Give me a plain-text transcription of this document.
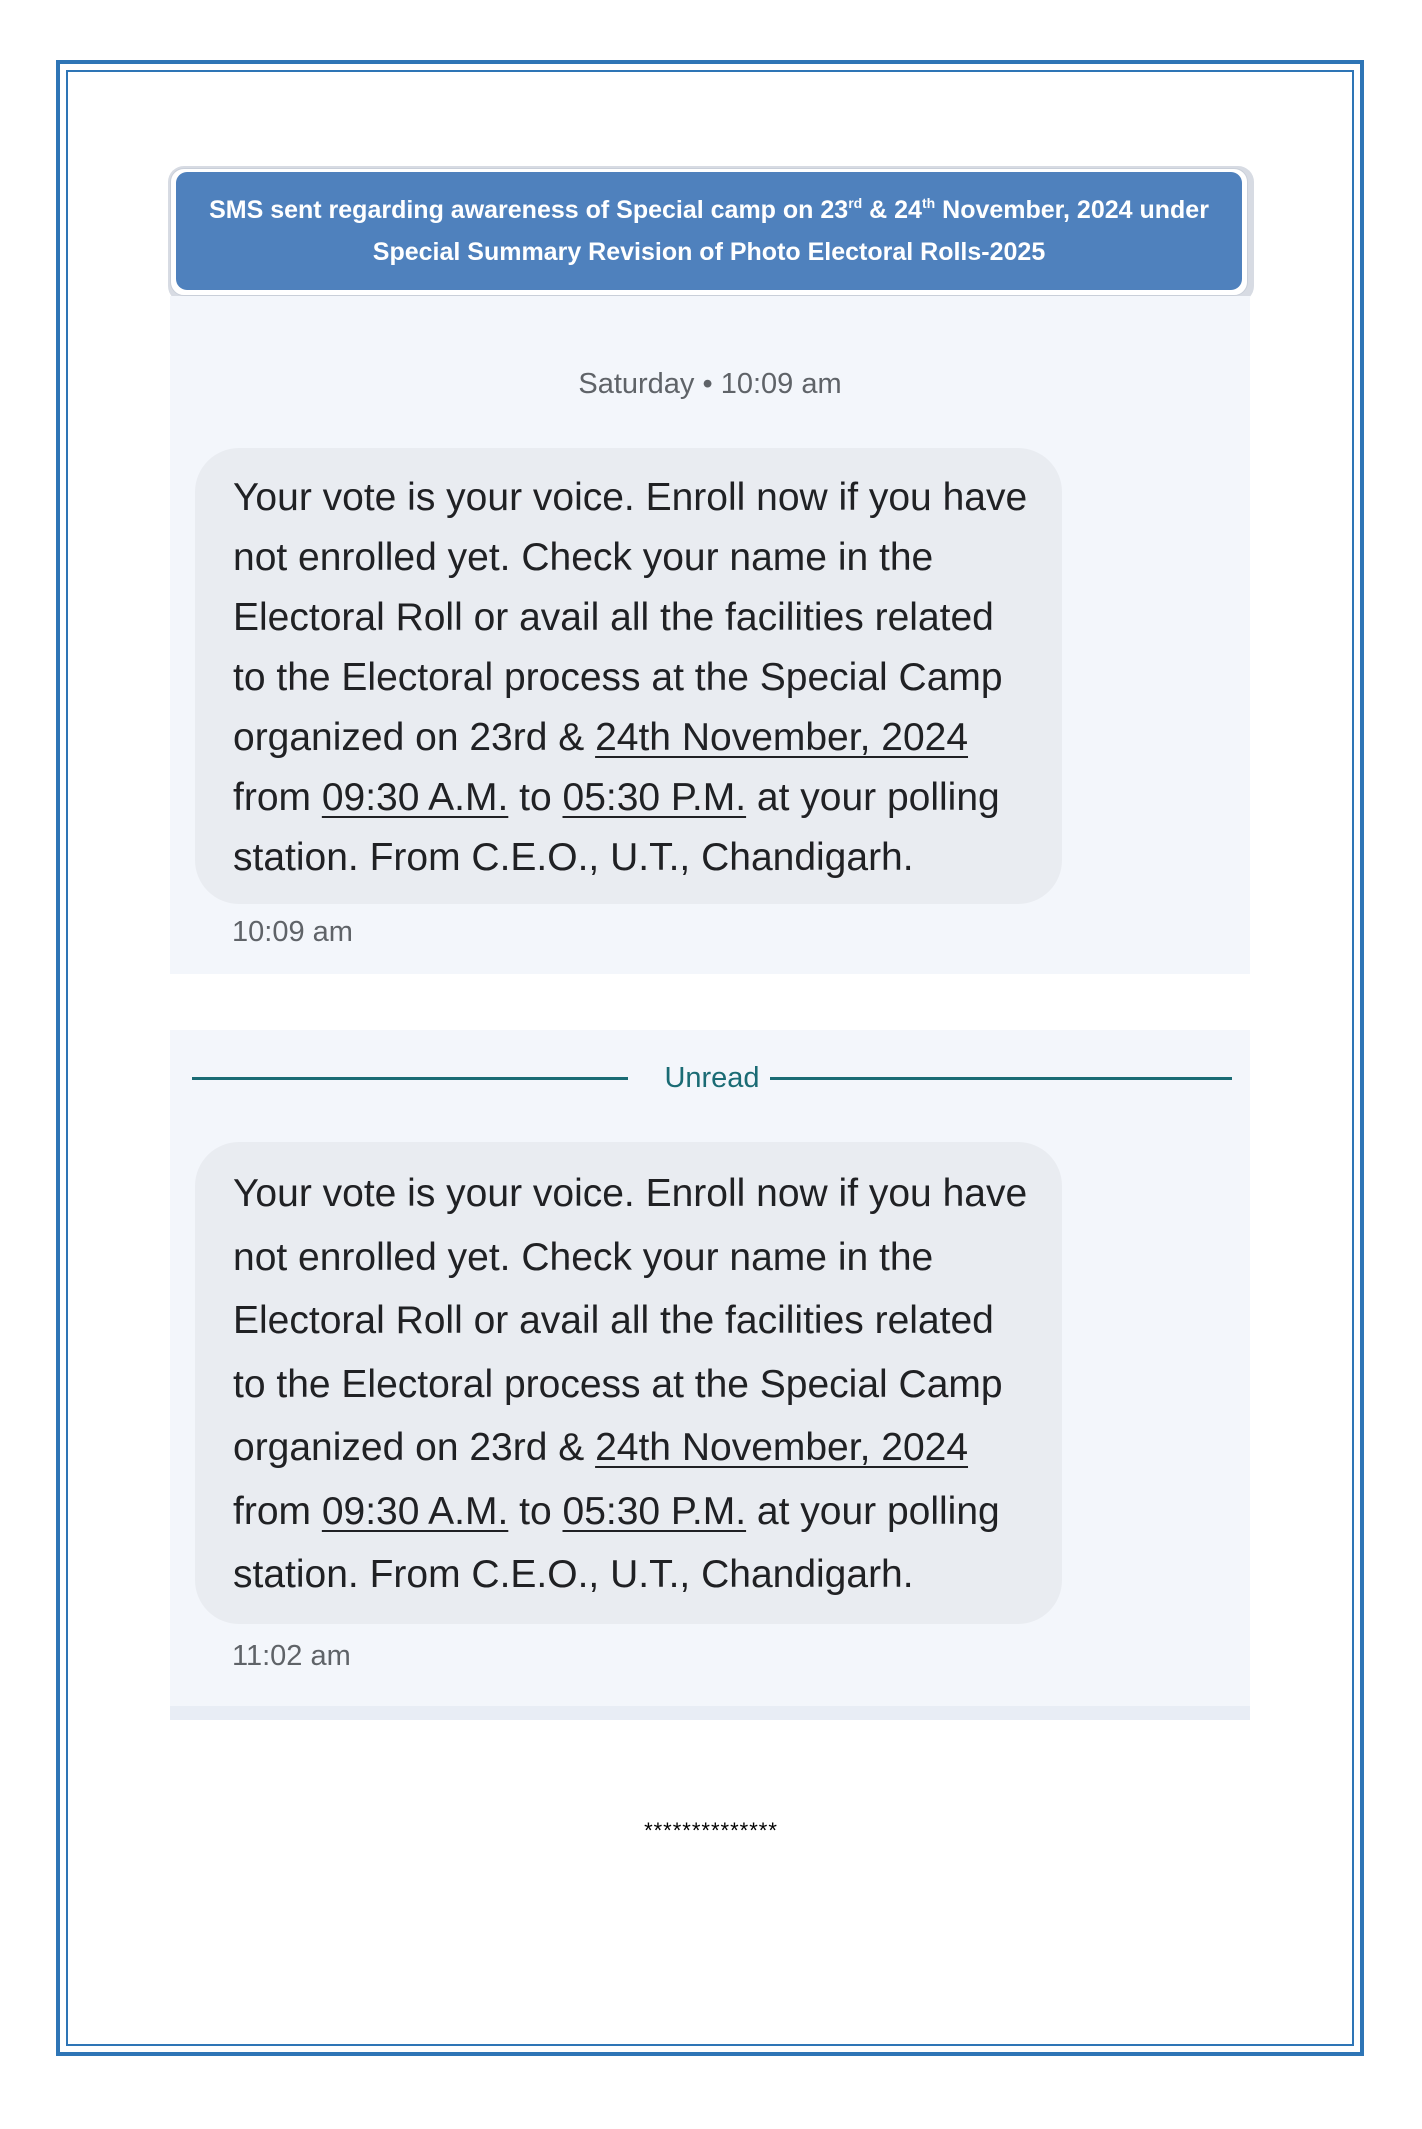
SMS sent regarding awareness of Special camp on 23rd & 24th November, 2024 under
Special Summary Revision of Photo Electoral Rolls-2025
Saturday • 10:09 am
Your vote is your voice. Enroll now if you have
not enrolled yet. Check your name in the
Electoral Roll or avail all the facilities related
to the Electoral process at the Special Camp
organized on 23rd & 24th November, 2024
from 09:30 A.M. to 05:30 P.M. at your polling
station. From C.E.O., U.T., Chandigarh.
10:09 am
Unread
Your vote is your voice. Enroll now if you have
not enrolled yet. Check your name in the
Electoral Roll or avail all the facilities related
to the Electoral process at the Special Camp
organized on 23rd & 24th November, 2024
from 09:30 A.M. to 05:30 P.M. at your polling
station. From C.E.O., U.T., Chandigarh.
11:02 am
**************
